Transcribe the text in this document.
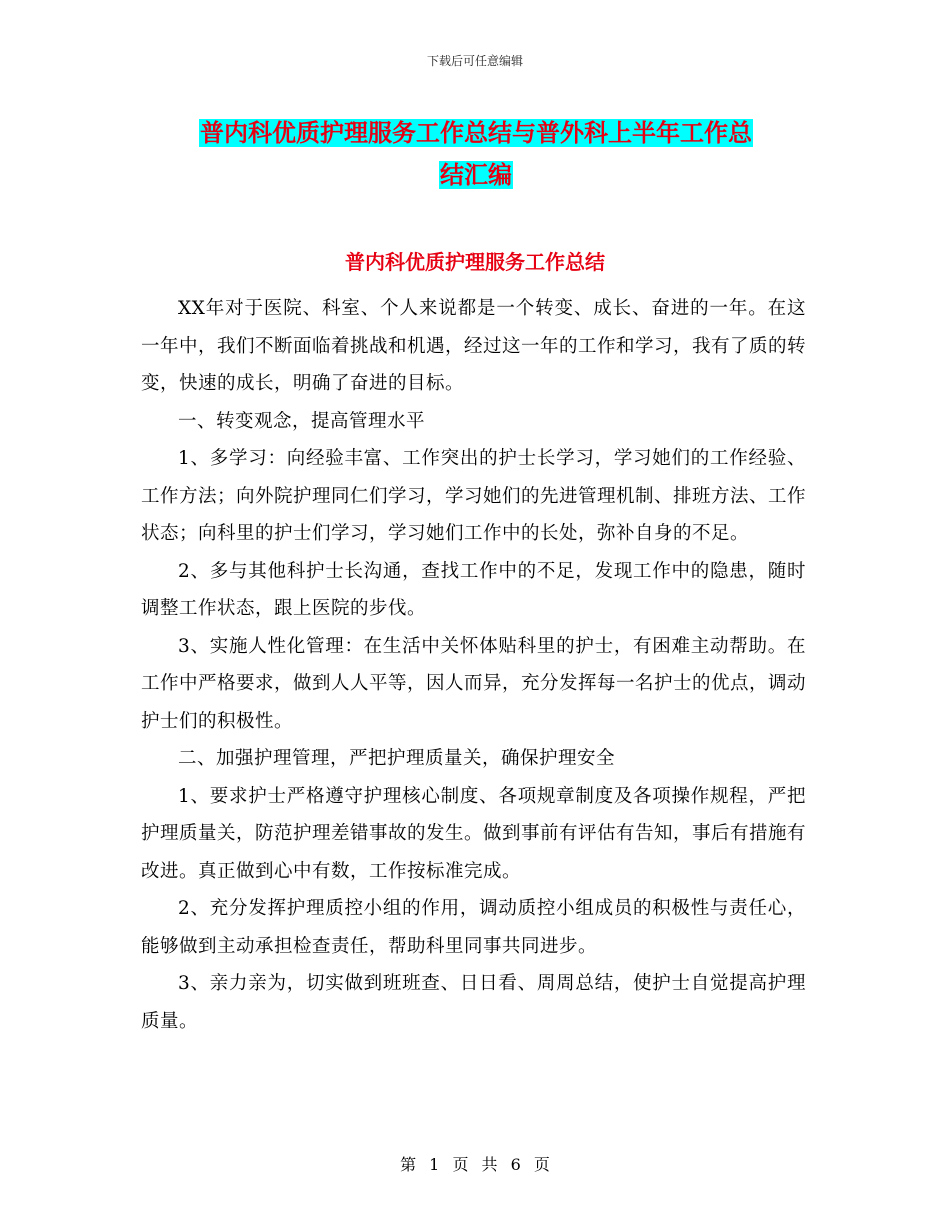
下载后可任意编辑
普内科优质护理服务工作总结与普外科上半年工作总
结汇编
普内科优质护理服务工作总结

XX年对于医院、科室、个人来说都是一个转变、成长、奋进的一年。在这一年中，我们不断面临着挑战和机遇，经过这一年的工作和学习，我有了质的转变，快速的成长，明确了奋进的目标。

一、转变观念，提高管理水平

1、多学习：向经验丰富、工作突出的护士长学习，学习她们的工作经验、工作方法；向外院护理同仁们学习，学习她们的先进管理机制、排班方法、工作状态；向科里的护士们学习，学习她们工作中的长处，弥补自身的不足。

2、多与其他科护士长沟通，查找工作中的不足，发现工作中的隐患，随时调整工作状态，跟上医院的步伐。

3、实施人性化管理：在生活中关怀体贴科里的护士，有困难主动帮助。在工作中严格要求，做到人人平等，因人而异，充分发挥每一名护士的优点，调动护士们的积极性。

二、加强护理管理，严把护理质量关，确保护理安全

1、要求护士严格遵守护理核心制度、各项规章制度及各项操作规程，严把护理质量关，防范护理差错事故的发生。做到事前有评估有告知，事后有措施有改进。真正做到心中有数，工作按标准完成。

2、充分发挥护理质控小组的作用，调动质控小组成员的积极性与责任心，能够做到主动承担检查责任，帮助科里同事共同进步。

3、亲力亲为，切实做到班班查、日日看、周周总结，使护士自觉提高护理质量。

第 1 页 共 6 页
